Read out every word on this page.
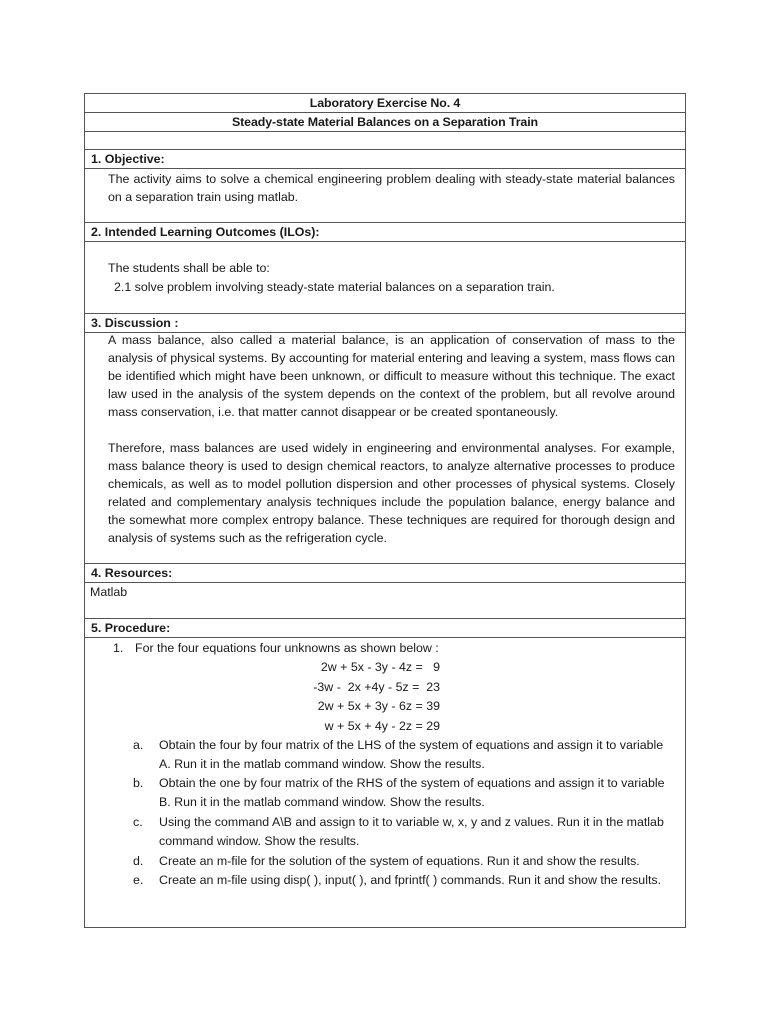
Laboratory Exercise No. 4
Steady-state Material Balances on a Separation Train
1. Objective:
The activity aims to solve a chemical engineering problem dealing with steady-state material balances on a separation train using matlab.
2. Intended Learning Outcomes (ILOs):
The students shall be able to:
2.1 solve problem involving steady-state material balances on a separation train.
3. Discussion :

A mass balance, also called a material balance, is an application of conservation of mass to the analysis of physical systems. By accounting for material entering and leaving a system, mass flows can be identified which might have been unknown, or difficult to measure without this technique. The exact law used in the analysis of the system depends on the context of the problem, but all revolve around mass conservation, i.e. that matter cannot disappear or be created spontaneously.

Therefore, mass balances are used widely in engineering and environmental analyses. For example, mass balance theory is used to design chemical reactors, to analyze alternative processes to produce chemicals, as well as to model pollution dispersion and other processes of physical systems. Closely related and complementary analysis techniques include the population balance, energy balance and the somewhat more complex entropy balance. These techniques are required for thorough design and analysis of systems such as the refrigeration cycle.

4. Resources:
Matlab
5. Procedure:
1. For the four equations four unknowns as shown below :
2w + 5x - 3y - 4z =   9
-3w -  2x +4y - 5z =  23
2w + 5x + 3y - 6z = 39
w + 5x + 4y - 2z = 29
a. Obtain the four by four matrix of the LHS of the system of equations and assign it to variable A. Run it in the matlab command window. Show the results.
b. Obtain the one by four matrix of the RHS of the system of equations and assign it to variable B. Run it in the matlab command window. Show the results.
c. Using the command A\B and assign to it to variable w, x, y and z values. Run it in the matlab command window. Show the results.
d. Create an m-file for the solution of the system of equations. Run it and show the results.
e. Create an m-file using disp( ), input( ), and fprintf( ) commands. Run it and show the results.
